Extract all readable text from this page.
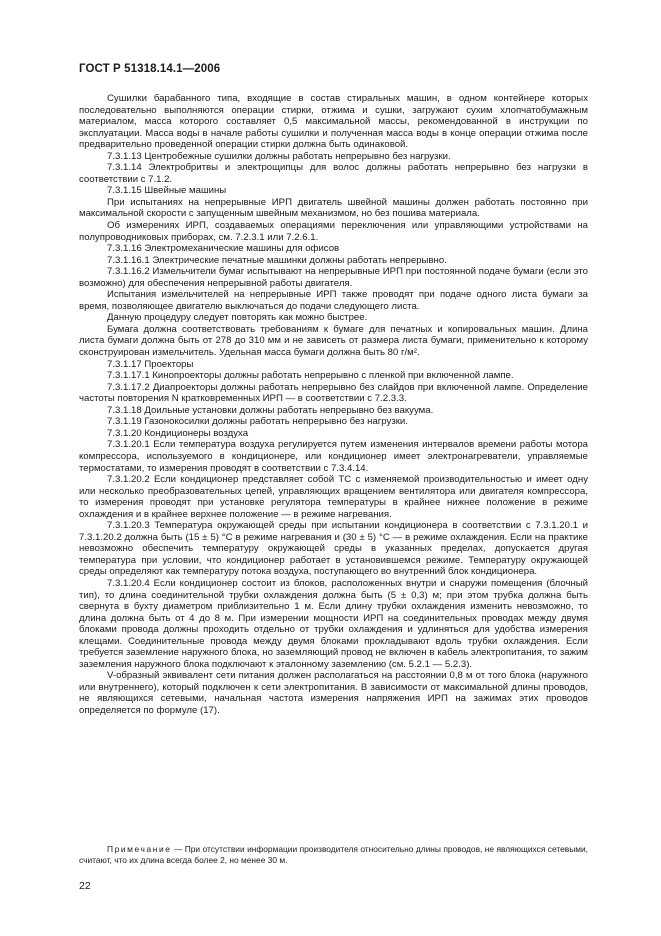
ГОСТ Р 51318.14.1—2006

Сушилки барабанного типа, входящие в состав стиральных машин, в одном контейнере которых последовательно выполняются операции стирки, отжима и сушки, загружают сухим хлопчатобумажным материалом, масса которого составляет 0,5 максимальной массы, рекомендованной в инструкции по эксплуатации. Масса воды в начале работы сушилки и полученная масса воды в конце операции отжима после предварительно проведенной операции стирки должна быть одинаковой.

7.3.1.13 Центробежные сушилки должны работать непрерывно без нагрузки.

7.3.1.14 Электробритвы и электрощипцы для волос должны работать непрерывно без нагрузки в соответствии с 7.1.2.

7.3.1.15 Швейные машины

При испытаниях на непрерывные ИРП двигатель швейной машины должен работать постоянно при максимальной скорости с запущенным швейным механизмом, но без пошива материала.

Об измерениях ИРП, создаваемых операциями переключения или управляющими устройствами на полупроводниковых приборах, см. 7.2.3.1 или 7.2.6.1.

7.3.1.16 Электромеханические машины для офисов

7.3.1.16.1 Электрические печатные машинки должны работать непрерывно.

7.3.1.16.2 Измельчители бумаг испытывают на непрерывные ИРП при постоянной подаче бумаги (если это возможно) для обеспечения непрерывной работы двигателя.

Испытания измельчителей на непрерывные ИРП также проводят при подаче одного листа бумаги за время, позволяющее двигателю выключаться до подачи следующего листа.

Данную процедуру следует повторять как можно быстрее.

Бумага должна соответствовать требованиям к бумаге для печатных и копировальных машин. Длина листа бумаги должна быть от 278 до 310 мм и не зависеть от размера листа бумаги, применительно к которому сконструирован измельчитель. Удельная масса бумаги должна быть 80 г/м².

7.3.1.17 Проекторы

7.3.1.17.1 Кинопроекторы должны работать непрерывно с пленкой при включенной лампе.

7.3.1.17.2 Диапроекторы должны работать непрерывно без слайдов при включенной лампе. Определение частоты повторения N кратковременных ИРП — в соответствии с 7.2.3.3.

7.3.1.18 Доильные установки должны работать непрерывно без вакуума.

7.3.1.19 Газонокосилки должны работать непрерывно без нагрузки.

7.3.1.20 Кондиционеры воздуха

7.3.1.20.1 Если температура воздуха регулируется путем изменения интервалов времени работы мотора компрессора, используемого в кондиционере, или кондиционер имеет электронагреватели, управляемые термостатами, то измерения проводят в соответствии с 7.3.4.14.

7.3.1.20.2 Если кондиционер представляет собой ТС с изменяемой производительностью и имеет одну или несколько преобразовательных цепей, управляющих вращением вентилятора или двигателя компрессора, то измерения проводят при установке регулятора температуры в крайнее нижнее положение в режиме охлаждения и в крайнее верхнее положение — в режиме нагревания.

7.3.1.20.3 Температура окружающей среды при испытании кондиционера в соответствии с 7.3.1.20.1 и 7.3.1.20.2 должна быть (15 ± 5) °С в режиме нагревания и (30 ± 5) °С — в режиме охлаждения. Если на практике невозможно обеспечить температуру окружающей среды в указанных пределах, допускается другая температура при условии, что кондиционер работает в установившемся режиме. Температуру окружающей среды определяют как температуру потока воздуха, поступающего во внутренний блок кондиционера.

7.3.1.20.4 Если кондиционер состоит из блоков, расположенных внутри и снаружи помещения (блочный тип), то длина соединительной трубки охлаждения должна быть (5 ± 0,3) м; при этом трубка должна быть свернута в бухту диаметром приблизительно 1 м. Если длину трубки охлаждения изменить невозможно, то длина должна быть от 4 до 8 м. При измерении мощности ИРП на соединительных проводах между двумя блоками провода должны проходить отдельно от трубки охлаждения и удлиняться для удобства измерения клещами. Соединительные провода между двумя блоками прокладывают вдоль трубки охлаждения. Если требуется заземление наружного блока, но заземляющий провод не включен в кабель электропитания, то зажим заземления наружного блока подключают к эталонному заземлению (см. 5.2.1 — 5.2.3).

V-образный эквивалент сети питания должен располагаться на расстоянии 0,8 м от того блока (наружного или внутреннего), который подключен к сети электропитания. В зависимости от максимальной длины проводов, не являющихся сетевыми, начальная частота измерения напряжения ИРП на зажимах этих проводов определяется по формуле (17).

Примечание — При отсутствии информации производителя относительно длины проводов, не являющихся сетевыми, считают, что их длина всегда более 2, но менее 30 м.

22
